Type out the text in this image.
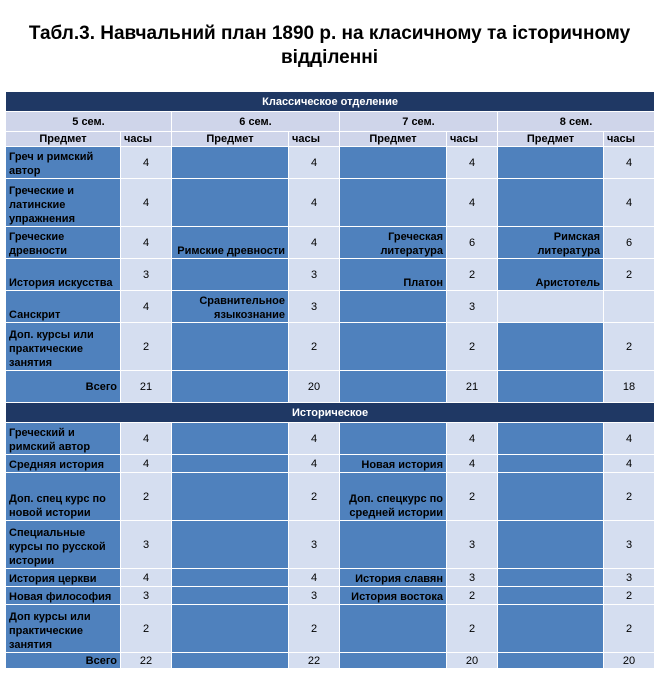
Табл.3. Навчальний план 1890 р. на класичному та історичному
відділенні
Классическое отделение							
5 сем.		6 сем.		7 сем.		8 сем.	
Предмет	часы	Предмет	часы	Предмет	часы	Предмет	часы
Греч и римский автор	4		4		4		4
Греческие и латинские упражнения	4		4		4		4
Греческие древности	4	Римские древности	4	Греческая литература	6	Римская литература	6
История искусства	3		3	Платон	2	Аристотель	2
Санскрит	4	Сравнительное языкознание	3		3		
Доп. курсы или практические занятия	2		2		2		2
Всего	21		20		21		18
Историческое							
Греческий и римский автор	4		4		4		4
Средняя история	4		4	Новая история	4		4
Доп. спец курс по новой истории	2		2	Доп. спецкурс по средней истории	2		2
Специальные курсы по русской истории	3		3		3		3
История церкви	4		4	История славян	3		3
Новая философия	3		3	История востока	2		2
Доп курсы или практические занятия	2		2		2		2
Всего	22		22		20		20
